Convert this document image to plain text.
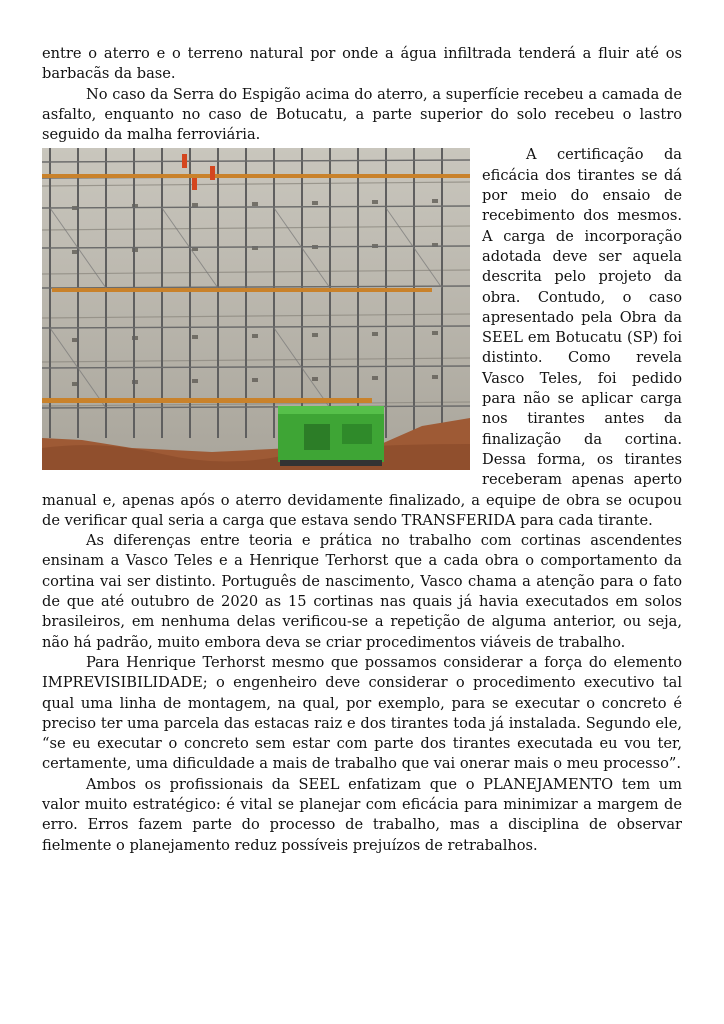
entre o aterro e o terreno natural por onde a água infiltrada tenderá a fluir até os barbacãs da base.

No caso da Serra do Espigão acima do aterro, a superfície recebeu a camada de asfalto, enquanto no caso de Botucatu, a parte superior do solo recebeu o lastro seguido da malha ferroviária.

A certificação da eficácia dos tirantes se dá por meio do ensaio de recebimento dos mesmos. A carga de incorporação adotada deve ser aquela descrita pelo projeto da obra. Contudo, o caso apresentado pela Obra da SEEL em Botucatu (SP) foi distinto. Como revela Vasco Teles, foi pedido para não se aplicar carga nos tirantes antes da finalização da cortina. Dessa forma, os tirantes receberam apenas aperto manual e, apenas após o aterro devidamente finalizado, a equipe de obra se ocupou de verificar qual seria a carga que estava sendo TRANSFERIDA para cada tirante.

As diferenças entre teoria e prática no trabalho com cortinas ascendentes ensinam a Vasco Teles e a Henrique Terhorst que a cada obra o comportamento da cortina vai ser distinto. Português de nascimento, Vasco chama a atenção para o fato de que até outubro de 2020 as 15 cortinas nas quais já havia executados em solos brasileiros, em nenhuma delas verificou-se a repetição de alguma anterior, ou seja, não há padrão, muito embora deva se criar procedimentos viáveis de trabalho.

Para Henrique Terhorst mesmo que possamos considerar a força do elemento IMPREVISIBILIDADE; o engenheiro deve considerar o procedimento executivo tal qual uma linha de montagem, na qual, por exemplo, para se executar o concreto é preciso ter uma parcela das estacas raiz e dos tirantes toda já instalada. Segundo ele, “se eu executar o concreto sem estar com parte dos tirantes executada eu vou ter, certamente, uma dificuldade a mais de trabalho que vai onerar mais o meu processo”.

Ambos os profissionais da SEEL enfatizam que o PLANEJAMENTO tem um valor muito estratégico: é vital se planejar com eficácia para minimizar a margem de erro. Erros fazem parte do processo de trabalho, mas a disciplina de observar fielmente o planejamento reduz possíveis prejuízos de retrabalhos.
